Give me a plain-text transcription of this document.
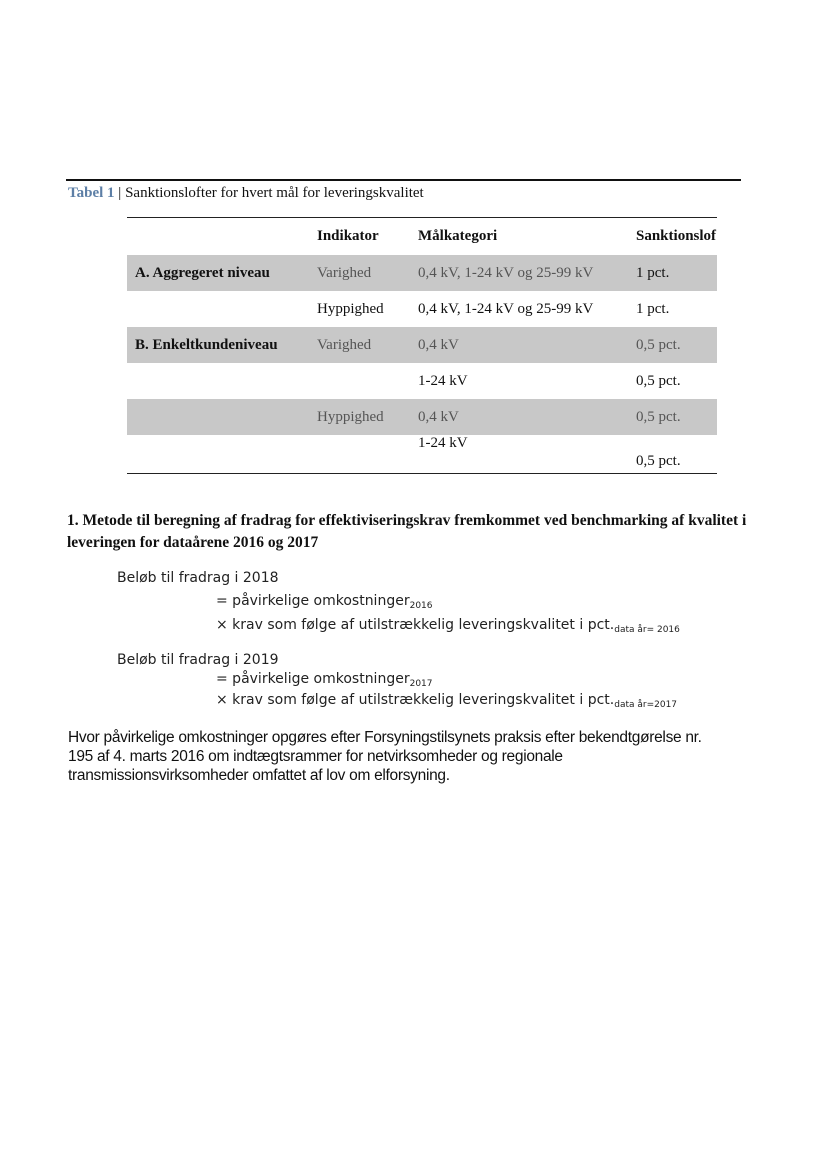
Tabel 1 | Sanktionslofter for hvert mål for leveringskvalitet
	Indikator	Målkategori	Sanktionslof
A. Aggregeret niveau	Varighed	0,4 kV, 1-24 kV og 25-99 kV	1 pct.
	Hyppighed	0,4 kV, 1-24 kV og 25-99 kV	1 pct.
B. Enkeltkundeniveau	Varighed	0,4 kV	0,5 pct.
		1-24 kV	0,5 pct.
	Hyppighed	0,4 kV	0,5 pct.
		1-24 kV	0,5 pct.
1. Metode til beregning af fradrag for effektiviseringskrav fremkommet ved benchmarking af kvalitet i leveringen for dataårene 2016 og 2017
Beløb til fradrag i 2018
= påvirkelige omkostninger$_{2016}$
× krav som følge af utilstrækkelig leveringskvalitet i $pct._{data år= 2016}$
Beløb til fradrag i 2019
= påvirkelige omkostninger$_{2017}$
× krav som følge af utilstrækkelig leveringskvalitet i $pct._{data år=2017}$
Hvor påvirkelige omkostninger opgøres efter Forsyningstilsynets praksis efter bekendtgørelse nr. 195 af 4. marts 2016 om indtægtsrammer for netvirksomheder og regionale transmissionsvirksomheder omfattet af lov om elforsyning.
